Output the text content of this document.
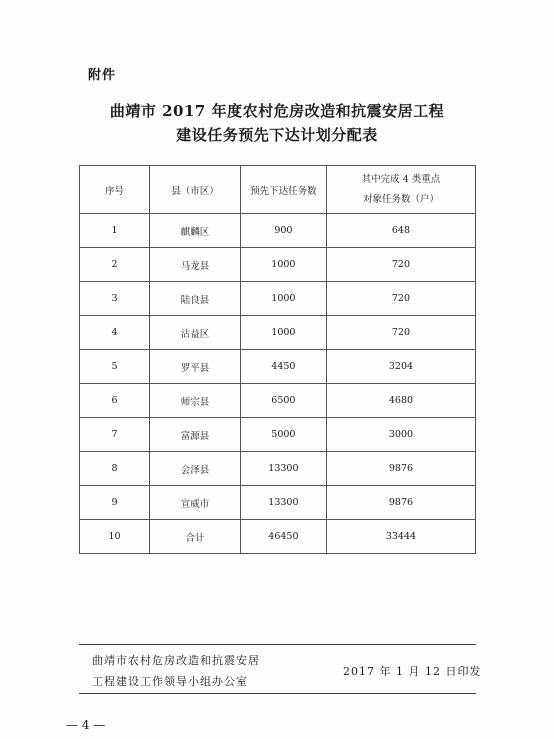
附件
曲靖市 2017 年度农村危房改造和抗震安居工程
建设任务预先下达计划分配表
序号	县（市区）	预先下达任务数	其中完成 4 类重点
对象任务数（户）

1	麒麟区	900	648
2	马龙县	1000	720
3	陆良县	1000	720
4	沾益区	1000	720
5	罗平县	4450	3204
6	师宗县	6500	4680
7	富源县	5000	3000
8	会泽县	13300	9876
9	宣威市	13300	9876
10	合计	46450	33444
曲靖市农村危房改造和抗震安居
工程建设工作领导小组办公室
2017 年 1 月 12 日印发
— 4 —
